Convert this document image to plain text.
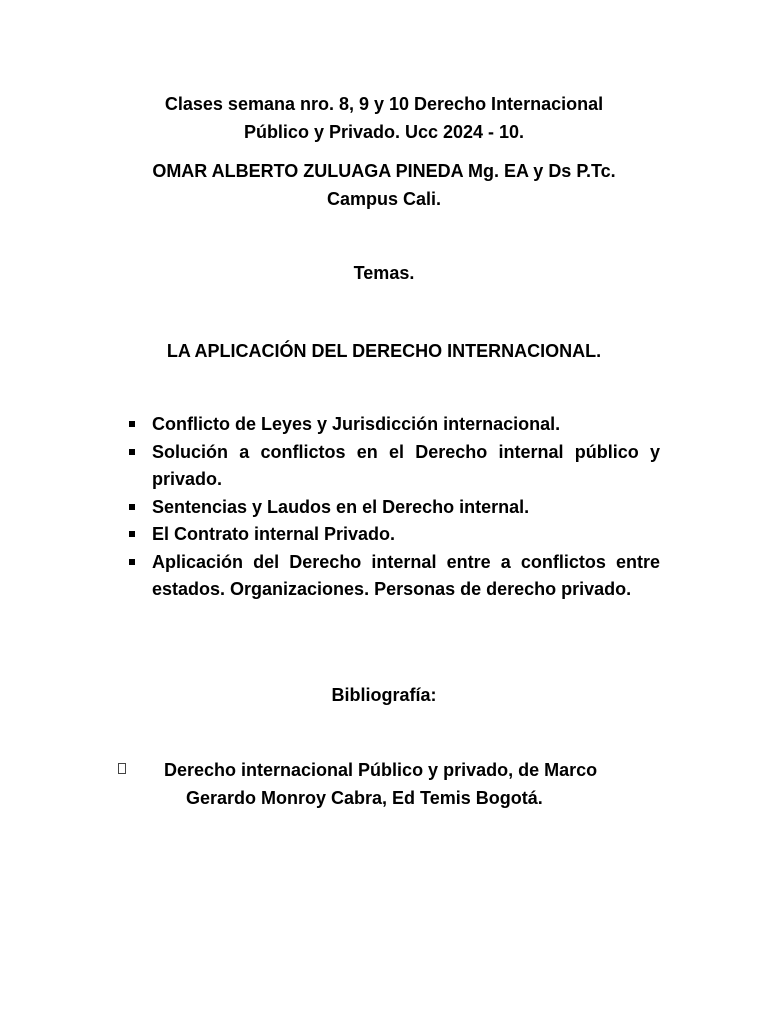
Clases semana nro. 8, 9 y 10 Derecho Internacional
Público y Privado. Ucc 2024 - 10.
OMAR ALBERTO ZULUAGA PINEDA Mg. EA y Ds P.Tc.
Campus Cali.
Temas.
LA APLICACIÓN DEL DERECHO INTERNACIONAL.
Conflicto de Leyes y Jurisdicción internacional.
Solución a conflictos en el Derecho internal público y privado.
Sentencias y Laudos en el Derecho internal.
El Contrato internal Privado.
Aplicación del Derecho internal entre a conflictos entre estados. Organizaciones. Personas de derecho privado.
Bibliografía:
Derecho internacional Público y privado, de Marco
Gerardo Monroy Cabra, Ed Temis Bogotá.
